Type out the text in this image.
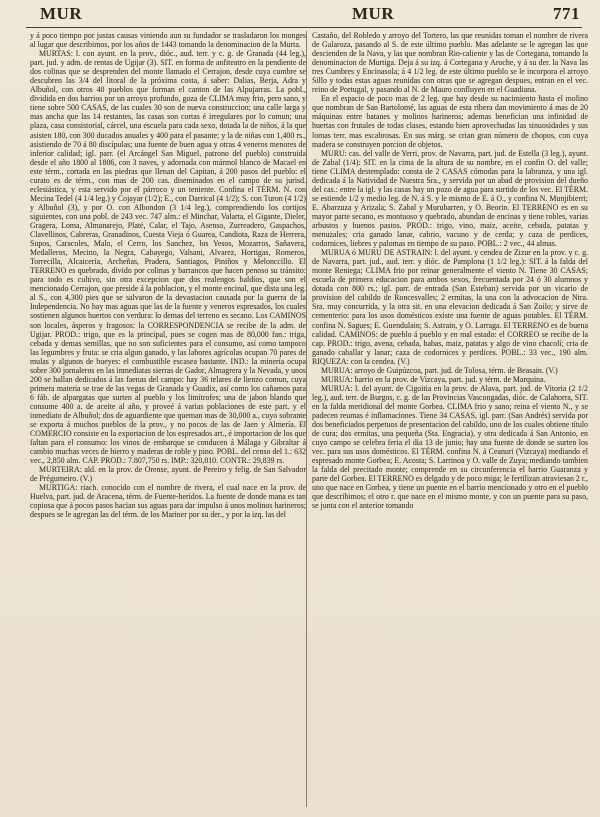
MUR	MUR	771

y á poco tiempo por justas causas viniendo aun su fundador se trasladaron los monges al lugar que describimos, por los años de 1443 tomando la denominacion de la Murta.

MURTAS: l. con ayunt. en la prov., dióc., aud. terr. y c. g. de Granada (44 leg.), part. jud. y adm. de rentas de Ugijar (3). SIT. en forma de anfiteatro en la pendiente de dos colinas que se desprenden del monte llamado el Cerrajon, desde cuya cumbre se descubren las 3/4 del litoral de la próxima costa, á saber: Dalias, Berja, Adra y Albuñol, con otros 40 pueblos que forman el canton de las Alpujarras. La pobl., dividida en dos barrios por un arroyo profundo, goza de CLIMA muy frio, pero sano, y tiene sobre 500 CASAS, de las cuales 30 son de nueva construccion; una calle larga y mas ancha que las 14 restantes, las casas son cortas é irregulares por lo comun; una plaza, casa consistorial, cárcel, una escuela para cada sexo, dotada la de niños, á la que asisten 180, con 300 ducados anuales y 400 para el pasante; y la de niñas con 1,400 rs., asistiendo de 70 á 80 discípulas; una fuente de buen agua y otras 4 veneros menores de inferior calidad; igl. parr. (el Arcángel San Miguel, patrono del pueblo) construida desde el año 1800 al 1806, con 3 naves, y adornada con mármol blanco de Macael en este térm., cortada en las piedras que llenan del Capitan, á 200 pasos del pueblo: el curato es de térm., con mas de 200 cas. diseminados en el campo de su jurisd. eclesiástica, y esta servido por el párroco y un teniente. Confina el TÉRM. N. con Mecina Tedel (4 1/4 leg.) y Cojayar (1/2); E., con Darrical (4 1/2); S. con Turon (4 1/2) y Albuñol (3), y por O. con Albondon (3 1/4 leg.), comprendiendo los cortijos siguientes, con una pobl. de 243 vec. 747 alm.: el Minchar, Valarta, el Gigante, Dieler, Gragera, Loma, Almanarejo, Platé, Calar, el Tajo, Asenso, Zurreadero, Gaspachos, Clavellinos, Cabreras, Granadinos, Cuesta Vieja ó Guarea, Candiota, Raza de Herrera, Supos, Caracoles, Malo, el Cerro, los Sanchez, los Yesos, Mozarros, Sañavera, Medalleros, Mecino, la Negra, Cabayego, Valsani, Alvarez, Hortigas, Romeros, Torrecilla, Alcaicería, Archeñas, Pradera, Santiagos, Piniños y Melonccillo. El TERRENO es quebrado, divido por colinas y barrancos que hacen penoso su tránsito: para todo es cultivo, sin otra excepcion que dos realengos baldíos, que son el mencionado Cerrajon, que preside á la poblacion, y el monte encinal, que dista una leg. al S., con 4,300 pies que se salvaron de la devastacion causada por la guerra de la Independencia. No hay mas aguas que las de la fuente y veneros espresados, los cuales sostienen algunos huertos con verdura: lo demas del terreno es secano. Los CAMINOS son locales, ásperos y fragosos: la CORRESPONDENCIA se recibe de la adm. de Ugijar. PROD.: trigo, que es la principal, pues se cogen mas de 80,000 fan.: triga, cebada y demas semillas, que no son suficientes para el consumo, así como tampoco las legumbres y fruta: se cria algun ganado, y las labores agrícolas ocupan 70 pares de mulas y algunos de bueyes: el combustible escasea bastante. IND.: la minería ocupa sobre 300 jornaleros en las inmediatas sierras de Gador, Almagrera y la Nevada, y unos 200 se hallan dedicados á las faenas del campo: hay 36 telares de lienzo comun, cuya primera materia se trae de las vegas de Granada y Guadix, así como los cañamos para 6 fáb. de alpargatas que surten al pueblo y los limítrofes; una de jabon blando que consume 400 a. de aceite al año, y proveé á varias poblaciones de este part. y el inmediato de Albuñol; dos de aguardiente que queman mas de 30,000 a., cuyo sobrante se exporta á muchos pueblos de la prov., y no pocos de las de Jaen y Almería. El COMERCIO consiste en la exportacion de los espresados art., é importacion de los que faltan para el consumo: los vinos de embarque se conducen á Málaga y Gibraltar á cambio muchas veces de hierro y maderas de roble y pino. POBL. del censo del 1.: 632 vec., 2,850 alm. CAP. PROD.: 7.807,750 rs. IMP.: 320,810. CONTR.: 29,839 rs.

MURTEIRA: ald. en la prov. de Orense, ayunt. de Pereiro y felig. de San Salvador de Prégumeiro. (V.)

MURTIGA: riach. conocido con el nombre de rivera, el cual nace en la prov. de Huelva, part. jud. de Aracena, térm. de Fuente-heridos. La fuente de donde mana es tan copiosa que á pocos pasos hacian sus aguas para dar impulso á unos molinos harineros; despues se le agregan las del térm. de los Mariner por su der., y por la izq. las del

Castaño, del Robledo y arroyo del Tortero, las que reunidas toman el nombre de rivera de Galaroza, pasando al S. de este último pueblo. Mas adelante se le agregan las que descienden de la Nava, y las que nombran Rio-caliente y las de Cortegana, tomando la denominacion de Murtiga. Deja á su izq. á Cortegana y Aroche, y á su der. la Nava las tres Cumbres y Encinasola; á 4 1/2 leg. de este último pueblo se le incorpora el arroyo Sillo y todas estas aguas reunidas con otras que se agregan despues, entran en el vec. reino de Portugal, y pasando al N. de Mauro confluyen en el Guadiana.

En el espacio de poco mas de 2 leg. que hay desde su nacimiento hasta el molino que nombran de San Bartolomé, las aguas de esta ribera dan movimiento á mas de 20 máquinas entre batanes y molinos harineros; ademas benefician una infinidad de huertas con frutales de todas clases, estando bien aprovechadas las sinuosidades y sus lomas terr. mas escabrosas. En sus márg. se crian gran número de chopos, con cuya madera se construyen porcion de objetos.

MURU: cas. del valle de Yerri, prov. de Navarra, part. jud. de Estella (3 leg.), ayunt. de Zabal (1/4): SIT. en la cima de la altura de su nombre, en el confin O. del valle; tiene CLIMA destemplado: consta de 2 CASAS cómodas para la labranza, y una igl. dedicada á la Natividad de Nuestra Sra., y servida por un abad de provision del dueño del cas.: entre la igl. y las casas hay un pozo de agua para surtido de los vec. El TÉRM. se estiende 1/2 y medio leg. de N. á S. y le mismo de E. á O., y confina N. Munjibierri; E. Abarzuza y Arizala; S. Zabal y Murubarren, y O. Beorin. El TERRENO es en su mayor parte secano, es montuoso y quebrado, abundan de encinas y tiene robles, varias arbustos y buenos pastos. PROD.: trigo, vino, maiz, aceite, cebada, patatas y menuzales; cria ganado lanar, cabrio, vacuno y de cerda; y caza de perdices, codornices, liebres y palomas en tiempo de su paso. POBL.: 2 vec., 44 almas.

MURUA ó MURU DE ASTRAIN: l. del ayunt. y cendea de Zizur en la prov. y c. g. de Navarra, part. jud., aud. terr. y dióc. de Pamplona (1 1/2 leg.): SIT. á la falda del monte Reniega; CLIMA frio por reinar generalmente el viento N. Tiene 30 CASAS; escuela de primera educacion para ambos sexos, frecuentada por 24 ó 30 alumnos y dotada con 800 rs.; igl. parr. de entrada (San Esteban) servida por un vicario de provision del cabildo de Roncesvalles; 2 ermitas, la una con la advocacion de Ntra. Sra. muy concurrida, y la otra sit. en una elevacion dedicada á San Zoilo; y sirve de cementerio: para los usos domésticos existe una fuente de aguas potables. El TÉRM. confina N. Sagues; E. Guendulain; S. Astrain, y O. Larraga. El TERRENO es de buena calidad. CAMINOS: de pueblo á pueblo y en mal estado: el CORREO se recibe de la cap. PROD.: trigo, avena, cebada, habas, maiz, patatas y algo de vino chacolí; cria de ganado caballar y lanar; caza de codornices y perdices. POBL.: 33 vec., 190 alm. RIQUEZA: con la cendea. (V.)

MURUA: arroyo de Guipúzcoa, part. jud. de Tolosa, térm. de Beasain. (V.)

MURUA: barrio en la prov. de Vizcaya, part. jud. y térm. de Marquina.

MURUA: l. del ayunt. de Cigoitia en la prov. de Alava, part. jud. de Vitoria (2 1/2 leg.), aud. terr. de Burgos, c. g. de las Provincias Vascongadas, dióc. de Calahorra, SIT. en la falda meridional del monte Gorbea. CLIMA frio y sano; reina el viento N., y se padecen reumas é inflamaciones. Tiene 34 CASAS, igl. parr. (San Andrés) servida por dos beneficiados perpetuos de presentacion del cabildo, uno de los cuales obtiene título de cura; dos ermitas, una pequeña (Sta. Engracia), y otra dedicada á San Antonio, en cuyo campo se celebra feria el dia 13 de junio; hay una fuente de donde se surten los vec. para sus usos domésticos. El TÉRM. confina N. á Ceanuri (Vizcaya) mediando el espresado monte Gorbea; E. Acosta; S. Larrinoa y O. valle de Zuya; mediando tambien la falda del precitado monte; comprende en su circunferencia el barrio Guaranza y parte del Gorbea. El TERRENO es delgado y de poco miga; le fertilizan atraviesan 2 r., uno que nace en Gorbea, y tiene un puente en el barrio mencionado y otro en el pueblo que describimos; el otro r. que nace en el mismo monte, y con un puente para su paso, se junta con el anterior tomando
